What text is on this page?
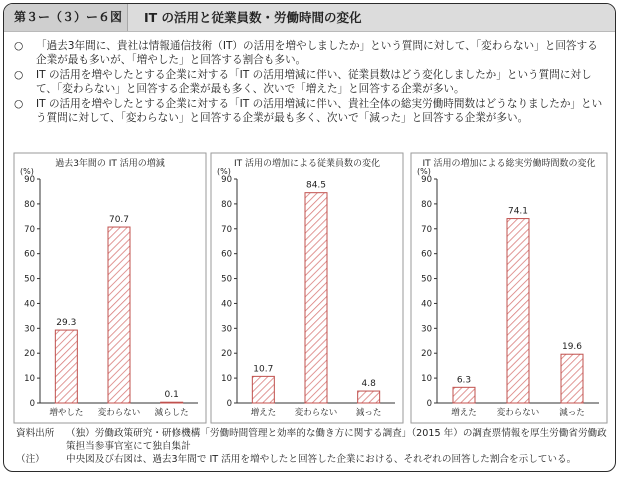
第３ー（３）ー６図	IT の活用と従業員数・労働時間の変化
○	「過去3年間に、貴社は情報通信技術（IT）の活用を増やしましたか」という質問に対して、「変わらない」と回答する企業が最も多いが、「増やした」と回答する割合も多い。
○	IT の活用を増やしたとする企業に対する「IT の活用増減に伴い、従業員数はどう変化しましたか」という質問に対して、「変わらない」と回答する企業が最も多く、次いで「増えた」と回答する企業が多い。
○	IT の活用を増やしたとする企業に対する「IT の活用増減に伴い、貴社全体の総実労働時間数はどうなりましたか」という質問に対して、「変わらない」と回答する企業が最も多く、次いで「減った」と回答する企業が多い。
過去3年間の IT 活用の増減
(%)
0
10
20
30
40
50
60
70
80
90
29.3
増やした
70.7
変わらない
0.1
減らした
IT 活用の増加による従業員数の変化
(%)
0
10
20
30
40
50
60
70
80
90
10.7
増えた
84.5
変わらない
4.8
減った
IT 活用の増加による総実労働時間数の変化
(%)
0
10
20
30
40
50
60
70
80
90
6.3
増えた
74.1
変わらない
19.6
減った
資料出所	（独）労働政策研究・研修機構「労働時間管理と効率的な働き方に関する調査」（2015 年）の調査票情報を厚生労働省労働政策担当参事官室にて独自集計
（注）	中央図及び右図は、過去3年間で IT 活用を増やしたと回答した企業における、それぞれの回答した割合を示している。
